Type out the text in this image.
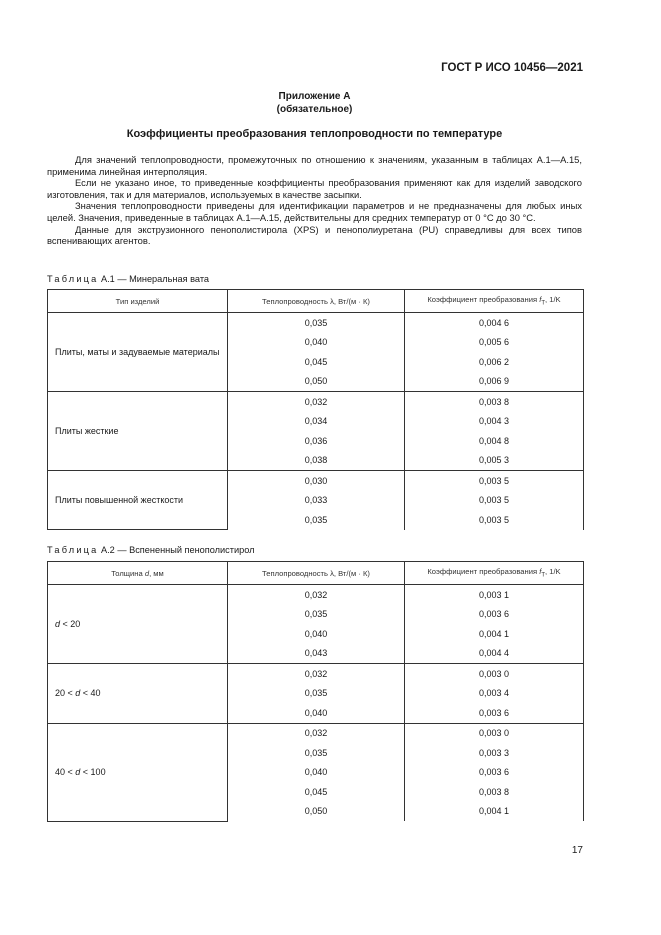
ГОСТ Р ИСО 10456—2021
Приложение А
(обязательное)
Коэффициенты преобразования теплопроводности по температуре

Для значений теплопроводности, промежуточных по отношению к значениям, указанным в таблицах А.1—А.15, применима линейная интерполяция.

Если не указано иное, то приведенные коэффициенты преобразования применяют как для изделий заводского изготовления, так и для материалов, используемых в качестве засыпки.

Значения теплопроводности приведены для идентификации параметров и не предназначены для любых иных целей. Значения, приведенные в таблицах А.1—А.15, действительны для средних температур от 0 °С до 30 °С.

Данные для экструзионного пенополистирола (XPS) и пенополиуретана (PU) справедливы для всех типов вспенивающих агентов.

Таблица А.1 — Минеральная вата
Тип изделий	Теплопроводность λ, Вт/(м · К)	Коэффициент преобразования $f_T$, 1/K
Плиты, маты и задуваемые материалы	0,035	0,004 6
	0,040	0,005 6
	0,045	0,006 2
	0,050	0,006 9
Плиты жесткие	0,032	0,003 8
	0,034	0,004 3
	0,036	0,004 8
	0,038	0,005 3
Плиты повышенной жесткости	0,030	0,003 5
	0,033	0,003 5
	0,035	0,003 5
Таблица А.2 — Вспененный пенополистирол
Толщина d, мм	Теплопроводность λ, Вт/(м · К)	Коэффициент преобразования $f_T$, 1/K
d < 20	0,032	0,003 1
	0,035	0,003 6
	0,040	0,004 1
	0,043	0,004 4
20 < d < 40	0,032	0,003 0
	0,035	0,003 4
	0,040	0,003 6
40 < d < 100	0,032	0,003 0
	0,035	0,003 3
	0,040	0,003 6
	0,045	0,003 8
	0,050	0,004 1
17
